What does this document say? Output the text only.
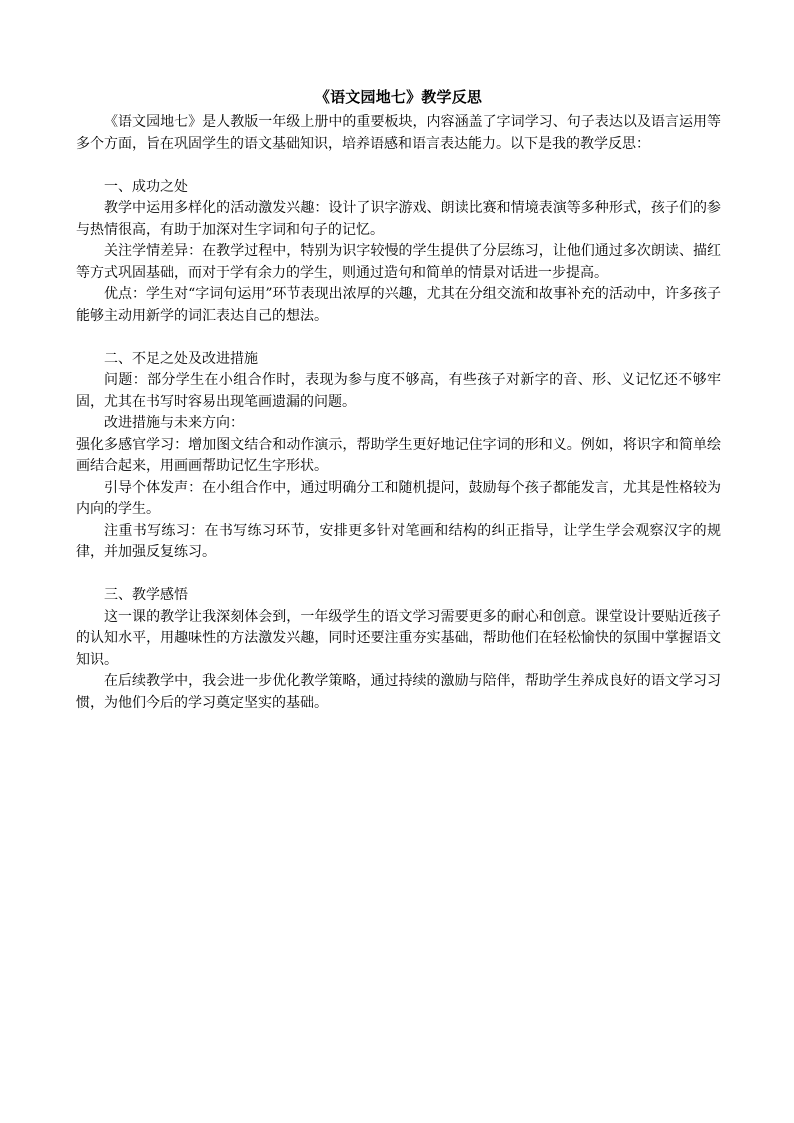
《语文园地七》教学反思

《语文园地七》是人教版一年级上册中的重要板块，内容涵盖了字词学习、句子表达以及语言运用等多个方面，旨在巩固学生的语文基础知识，培养语感和语言表达能力。以下是我的教学反思：

一、成功之处

教学中运用多样化的活动激发兴趣：设计了识字游戏、朗读比赛和情境表演等多种形式，孩子们的参与热情很高，有助于加深对生字词和句子的记忆。

关注学情差异：在教学过程中，特别为识字较慢的学生提供了分层练习，让他们通过多次朗读、描红等方式巩固基础，而对于学有余力的学生，则通过造句和简单的情景对话进一步提高。

优点：学生对“字词句运用”环节表现出浓厚的兴趣，尤其在分组交流和故事补充的活动中，许多孩子能够主动用新学的词汇表达自己的想法。

二、不足之处及改进措施

问题：部分学生在小组合作时，表现为参与度不够高，有些孩子对新字的音、形、义记忆还不够牢固，尤其在书写时容易出现笔画遗漏的问题。

改进措施与未来方向：

强化多感官学习：增加图文结合和动作演示，帮助学生更好地记住字词的形和义。例如，将识字和简单绘画结合起来，用画画帮助记忆生字形状。

引导个体发声：在小组合作中，通过明确分工和随机提问，鼓励每个孩子都能发言，尤其是性格较为内向的学生。

注重书写练习：在书写练习环节，安排更多针对笔画和结构的纠正指导，让学生学会观察汉字的规律，并加强反复练习。

三、教学感悟

这一课的教学让我深刻体会到，一年级学生的语文学习需要更多的耐心和创意。课堂设计要贴近孩子的认知水平，用趣味性的方法激发兴趣，同时还要注重夯实基础，帮助他们在轻松愉快的氛围中掌握语文知识。

在后续教学中，我会进一步优化教学策略，通过持续的激励与陪伴，帮助学生养成良好的语文学习习惯，为他们今后的学习奠定坚实的基础。
